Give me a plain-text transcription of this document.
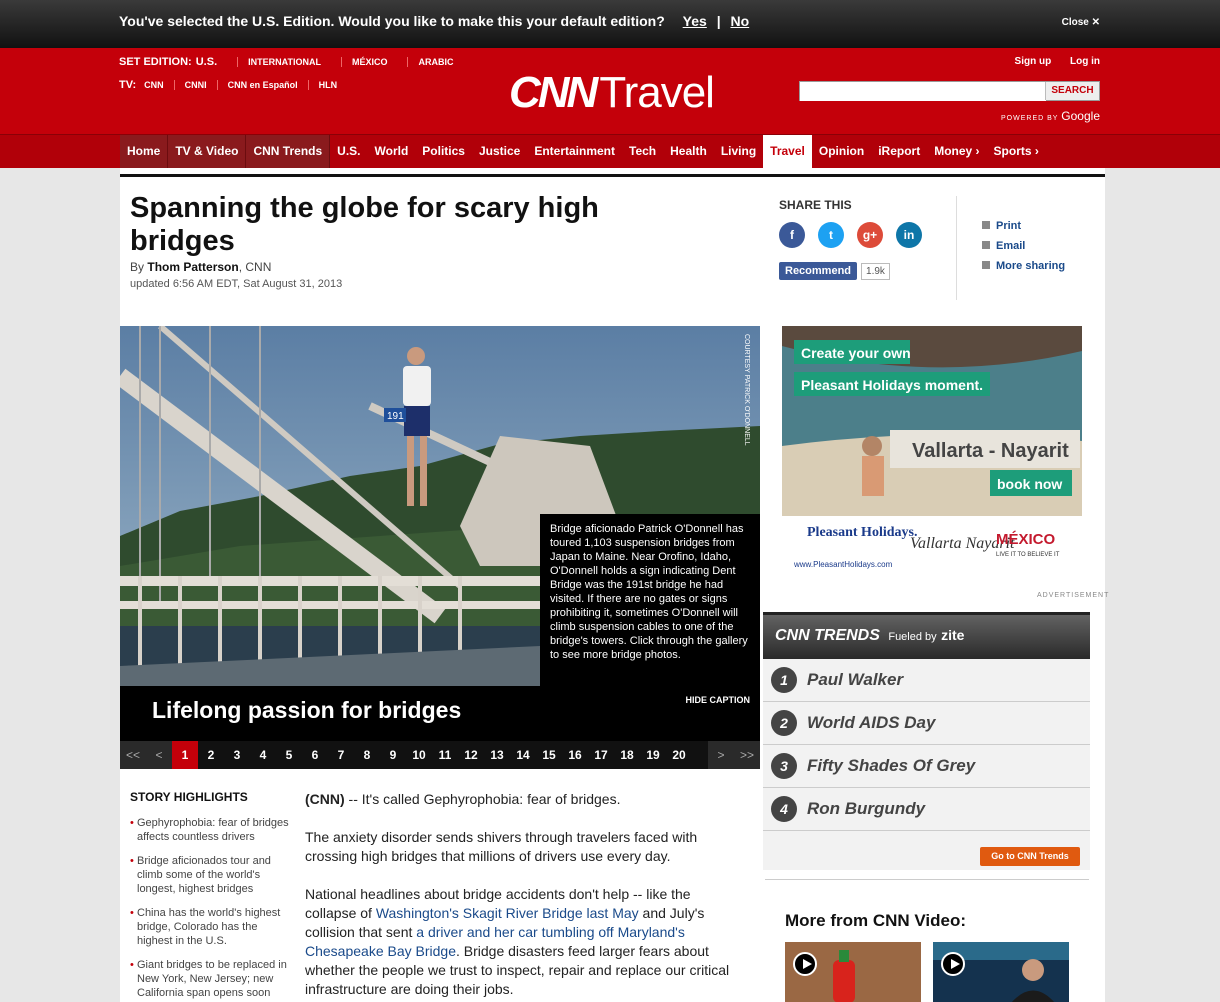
You've selected the U.S. Edition. Would you like to make this your default edition? Yes | No	Close ✕
SET EDITION: U.S.	INTERNATIONAL	MÉXICO	ARABIC
TV: CNN	CNNI	CNN en Español	HLN	CNNTravel
Sign up Log in
SEARCH
POWERED BY Google
Home	TV & Video	CNN Trends	U.S.	World	Politics	Justice	Entertainment	Tech	Health	Living	Travel	Opinion	iReport	Money ›	Sports ›
Spanning the globe for scary high bridges
By Thom Patterson, CNN
updated 6:56 AM EDT, Sat August 31, 2013
SHARE THIS
f	t	g+	in
Recommend	1.9k
Print
Email
More sharing
191	COURTESY PATRICK O'DONNELL
Bridge aficionado Patrick O'Donnell has toured 1,103 suspension bridges from Japan to Maine. Near Orofino, Idaho, O'Donnell holds a sign indicating Dent Bridge was the 191st bridge he had visited. If there are no gates or signs prohibiting it, sometimes O'Donnell will climb suspension cables to one of the bridge's towers. Click through the gallery to see more bridge photos.
Lifelong passion for bridges	HIDE CAPTION
<<	<	1	2	3	4	5	6	7	8	9	10	11	12	13	14	15	16	17	18	19	20	>	>>
Create your own
Pleasant Holidays moment.
Vallarta - Nayarit
book now
Pleasant Holidays.
www.PleasantHolidays.com
Vallarta Nayarit
MÉXICO
LIVE IT TO BELIEVE IT
ADVERTISEMENT
CNN TRENDS Fueled by zite
1	Paul Walker
2	World AIDS Day
3	Fifty Shades Of Grey
4	Ron Burgundy
Go to CNN Trends
More from CNN Video:
STORY HIGHLIGHTS
• Gephyrophobia: fear of bridges affects countless drivers
• Bridge aficionados tour and climb some of the world's longest, highest bridges
• China has the world's highest bridge, Colorado has the highest in the U.S.
• Giant bridges to be replaced in New York, New Jersey; new California span opens soon

(CNN) -- It's called Gephyrophobia: fear of bridges.

The anxiety disorder sends shivers through travelers faced with crossing high bridges that millions of drivers use every day.

National headlines about bridge accidents don't help -- like the collapse of Washington's Skagit River Bridge last May and July's collision that sent a driver and her car tumbling off Maryland's Chesapeake Bay Bridge. Bridge disasters feed larger fears about whether the people we trust to inspect, repair and replace our critical infrastructure are doing their jobs.
